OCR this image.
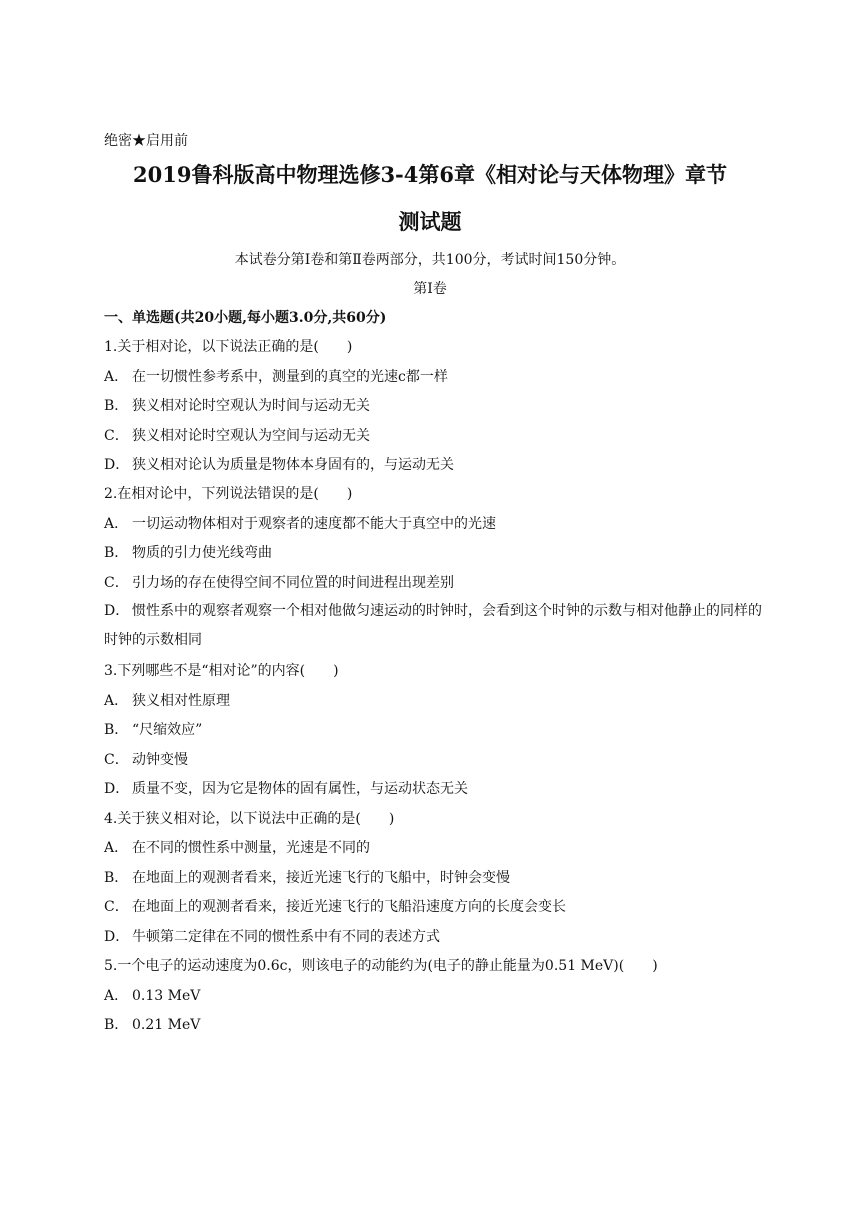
绝密★启用前
2019鲁科版高中物理选修3-4第6章《相对论与天体物理》章节
测试题
本试卷分第Ⅰ卷和第Ⅱ卷两部分，共100分，考试时间150分钟。
第Ⅰ卷
一、单选题(共20小题,每小题3.0分,共60分)
1.关于相对论，以下说法正确的是(　　)
A． 在一切惯性参考系中，测量到的真空的光速c都一样
B． 狭义相对论时空观认为时间与运动无关
C． 狭义相对论时空观认为空间与运动无关
D． 狭义相对论认为质量是物体本身固有的，与运动无关
2.在相对论中，下列说法错误的是(　　)
A． 一切运动物体相对于观察者的速度都不能大于真空中的光速
B． 物质的引力使光线弯曲
C． 引力场的存在使得空间不同位置的时间进程出现差别
D． 惯性系中的观察者观察一个相对他做匀速运动的时钟时，会看到这个时钟的示数与相对他静止的同样的时钟的示数相同
3.下列哪些不是“相对论”的内容(　　)
A． 狭义相对性原理
B． “尺缩效应”
C． 动钟变慢
D． 质量不变，因为它是物体的固有属性，与运动状态无关
4.关于狭义相对论，以下说法中正确的是(　　)
A． 在不同的惯性系中测量，光速是不同的
B． 在地面上的观测者看来，接近光速飞行的飞船中，时钟会变慢
C． 在地面上的观测者看来，接近光速飞行的飞船沿速度方向的长度会变长
D． 牛顿第二定律在不同的惯性系中有不同的表述方式
5.一个电子的运动速度为0.6c，则该电子的动能约为(电子的静止能量为0.51 MeV)(　　)
A． 0.13 MeV
B． 0.21 MeV
